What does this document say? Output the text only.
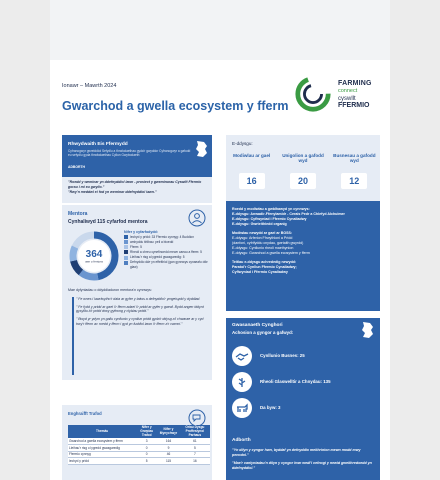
Ionawr – Mawrth 2024
Gwarchod a gwella ecosystem y fferm
FARMING
connect
cyswllt
FFERMIO
Rhwydwaith Eis Ffermydd
Cyfranogwyr gwreiddiol Sefydlu a thrafodaethau gyda'r gwyddor Cyfranogwyr a gafodd eu sefydlu gyda thrafodaethau Cyllun Gwybodaeth
ADBORTH
"Roedd y weminar yn ddefnyddiol iawn - prosiect y gweminarau Cyswllt Ffermio gorau i mi eu gwylio."
"Rwy'n meddwl ei fod yn weminar ddefnyddiol iawn."
Mentora
Cynhaliwyd 115 cyfarfod mentora
364
awr o fentora
Nifer y cyfarfodydd:
Iechyd y pridd: 33 Ffermio cynnyg: 4 Buddion
amhyddu tirlibau: pell a bioedd
Fferm: 5
Rheoli a chreu cynefinoedd mewn caeau a fferm: 5
Lleihau'r risg a lygredd gwasgaredig: 5
Defnyddio dŵr yn effeithiol (gan gynnwys cynaeafu dŵr glaw)
Mae dyfyniadau o ddyddiaduron mentora'n cynnwys:

" Fe wnes i lawrlwytho'r data ar gyfer y tatws a defnyddio'r ymgeisydd y dyddiad.

" Fe fydd y pridd ar gael i'r fferm adael i'r pridd ar gyfer y gaeaf. Bydd angen iddynt gysylltu â'r pridd drwy gyfrwng y clybiau pridd."

" Bwyd yr ydym yn gallu cynllunio y cynllun pridd gyda'r ddysg a'i chwarae ar y cyd trwy'r fferm ac roedd y fferm i gyd yn fuddiol iawn i'r fferm a'r cwmni."

Enghraifft Trafod
Themâu	Nifer y Grwpiau Trafod	Nifer y Mynychwyr	Oriau Dysgu Proffesiynol Parhaus
Gwarchod a gwella ecosystem y fferm	3	164	61
Lleihau'r risg o lygredd gwasgaredig	0	9	5
Ffermio cynnyg	0	46	7
Iechyd y pridd	5	115	16
E-ddysgu:
Modiwlau ar gael
16
Unigolion a gafodd wyd
20
Busnesau a gafodd wyd
12

Roedd y modiwlau a gwblhawyd yn cynnwys:

E-ddysgu: Anwadir-Ffenylamidr - Cerais Pedr a Chlefyd Alchuimer

E-ddysgu: Cyflwyniad i Ffermio Cynaliadwy

E-ddysgu: Gwrteithiedd organig

Modiwlau newydd ar gael ar BOSS:

E-ddysgu: Arferion Ffrwythloni a Pridd

(danfoni, cyfrifyddu cnydau, gwrtaith gwyrdd)

E-ddysgu: Cynllunio rheoli maethynion

E-ddysgu: Gwarchod a gwella ecosystem y fferm

Teitlau e-ddysgu achrededig newydd:

Paratoi'r Cynllun Ffermio Cynaliadwy;

Cyflwyniad i Ffermio Cynaliadwy

Gwasanaeth Cynghori
Achosion a gyngor a gafwyd:
Cynllunio Busnes: 25
Rheoli Glaswelltir a Chnydau: 135
Da byw: 3
Adborth

"Yn dilyn y cyngor hwn, byddaf yn defnyddio meithrinion mewn modd mwy penodol."

"Mae'r canlyniadau'n dilyn y cyngor hwn wedi'i cefnogi y newid gweithredoedd yn ddefnyddiol."
